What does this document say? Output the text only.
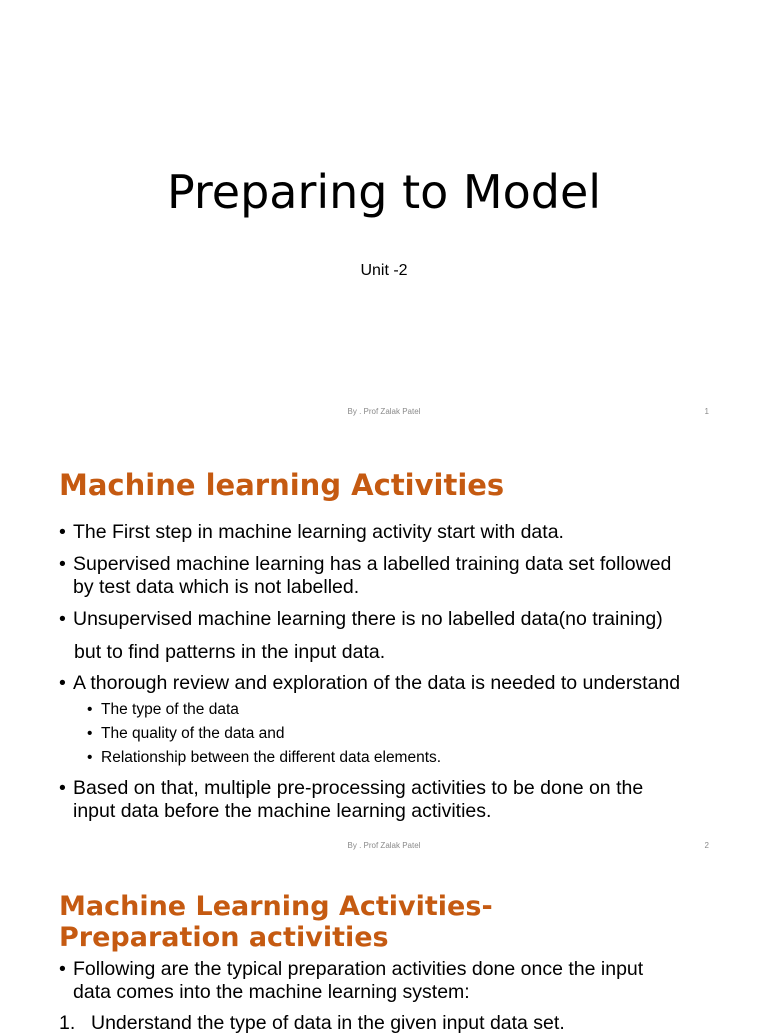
Preparing to Model
Unit -2
By . Prof Zalak Patel	1
Machine learning Activities
• The First step in machine learning activity start with data.
• Supervised machine learning has a labelled training data set followed
by test data which is not labelled.
• Unsupervised machine learning there is no labelled data(no training)
but to find patterns in the input data.
• A thorough review and exploration of the data is needed to understand
• The type of the data
• The quality of the data and
• Relationship between the different data elements.
• Based on that, multiple pre-processing activities to be done on the
input data before the machine learning activities.
By . Prof Zalak Patel	2
Machine Learning Activities-
Preparation activities
• Following are the typical preparation activities done once the input
data comes into the machine learning system:
1. Understand the type of data in the given input data set.
